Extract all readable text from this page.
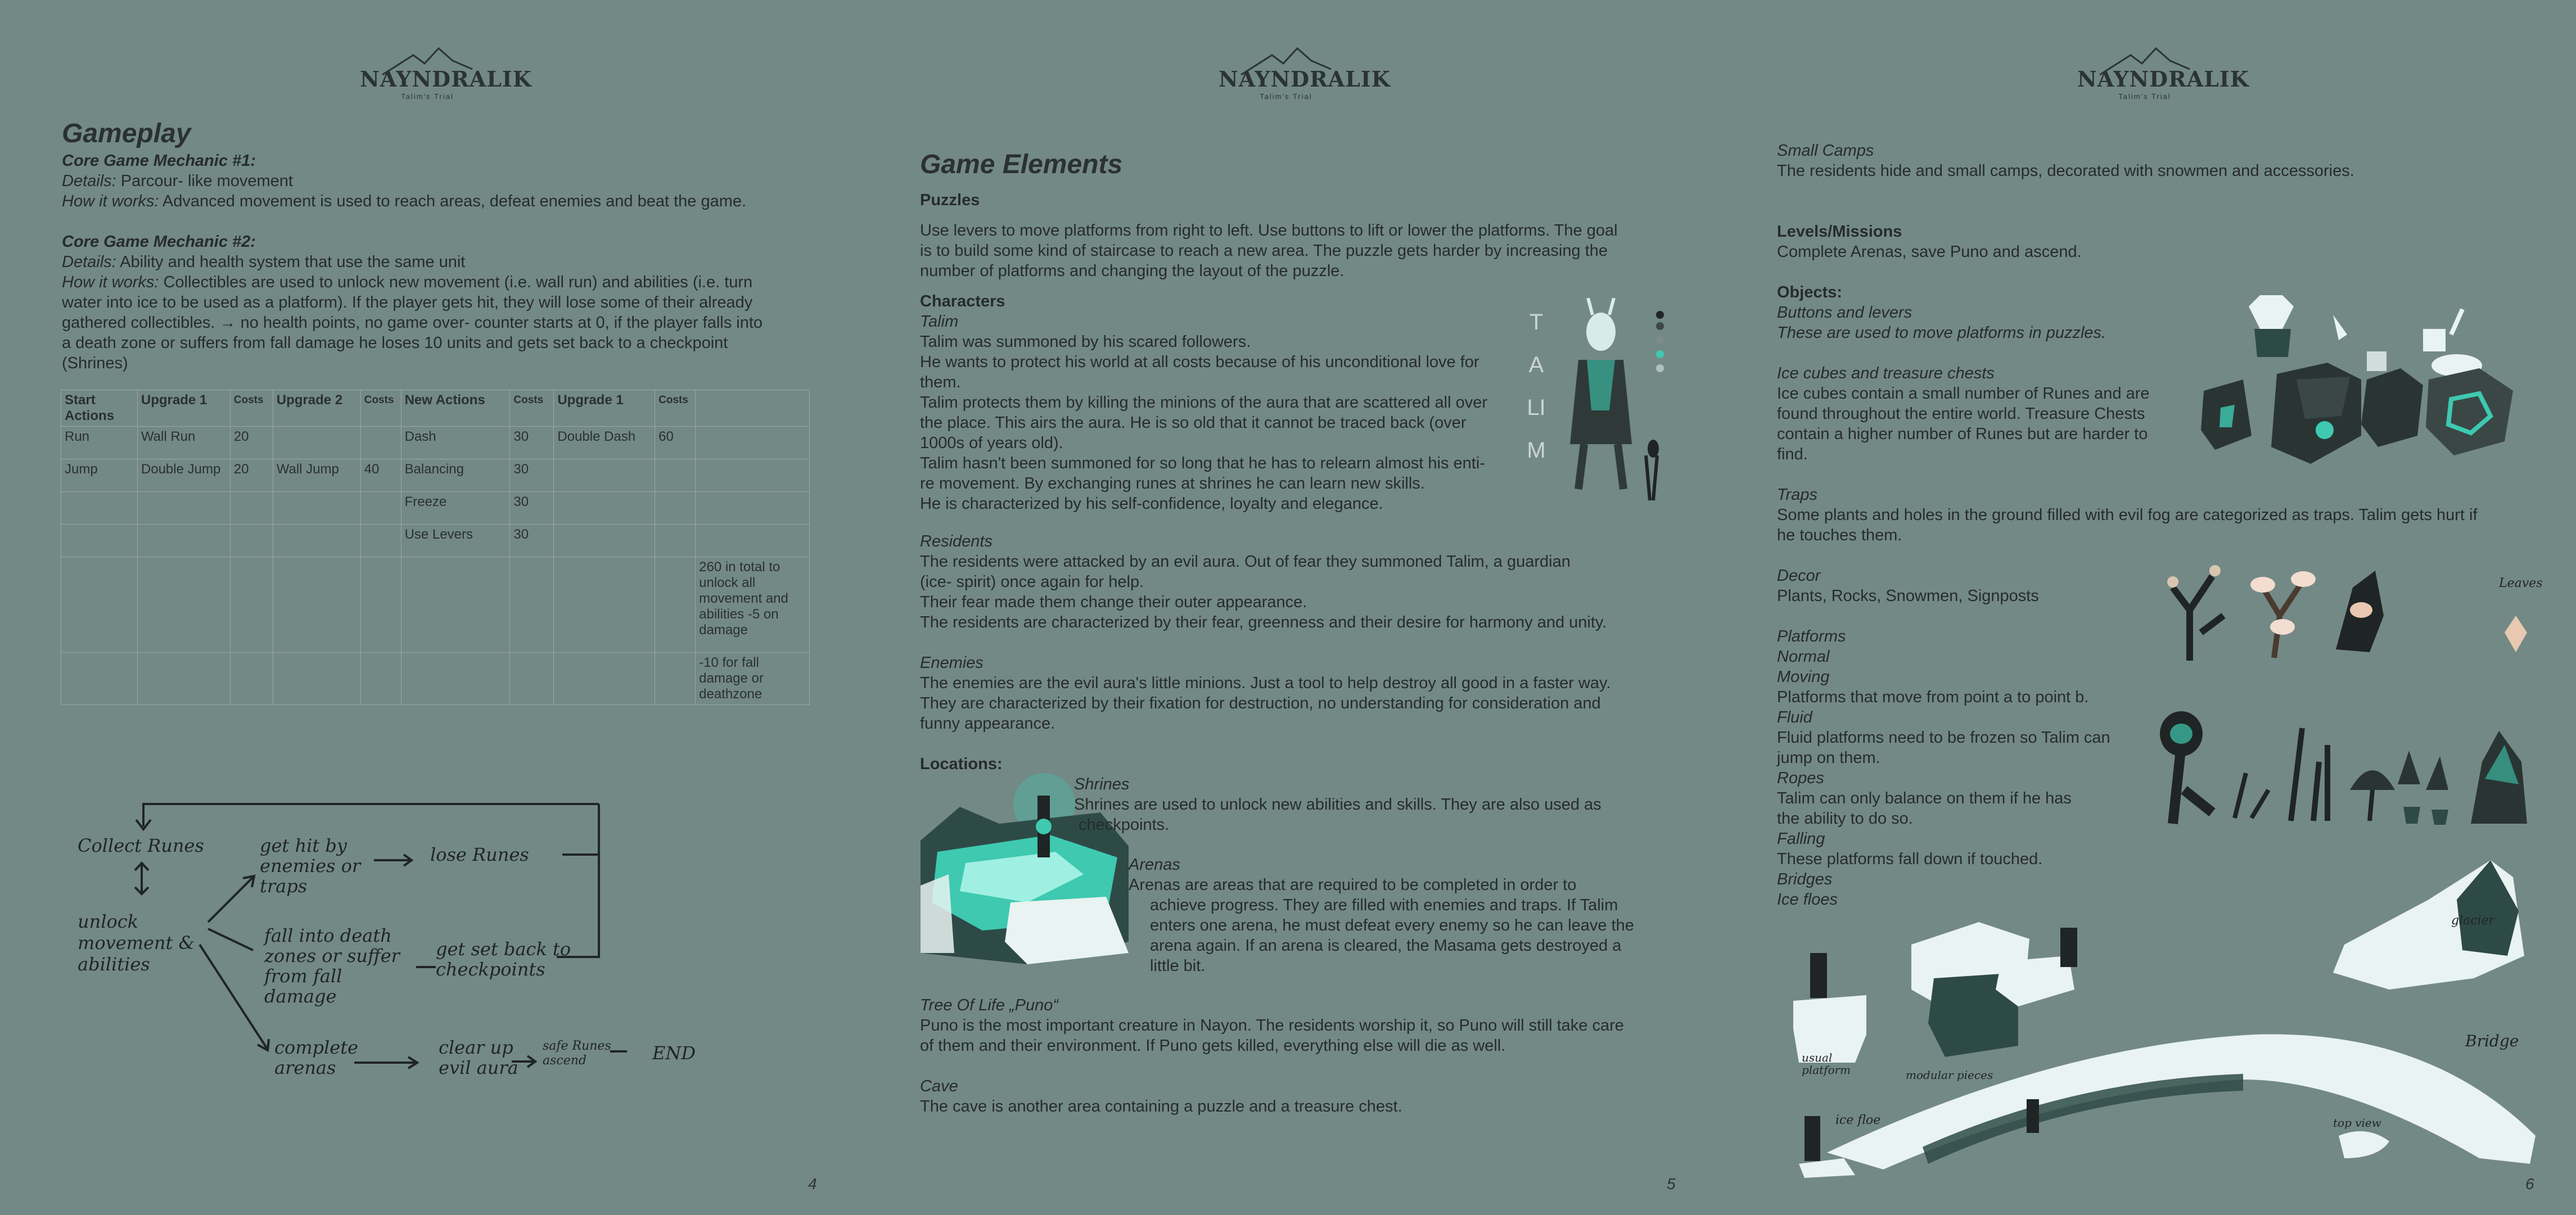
NAYNDRALIK
Talim's Trial
Gameplay
Core Game Mechanic #1:
Details: Parcour- like movement
How it works: Advanced movement is used to reach areas, defeat enemies and beat the game.
Core Game Mechanic #2:
Details: Ability and health system that use the same unit
How it works: Collectibles are used to unlock new movement (i.e. wall run) and abilities (i.e. turn
water into ice to be used as a platform). If the player gets hit, they will lose some of their already
gathered collectibles. → no health points, no game over- counter starts at 0, if the player falls into
a death zone or suffers from fall damage he loses 10 units and gets set back to a checkpoint
(Shrines)
Start Actions	Upgrade 1	Costs	Upgrade 2	Costs	New Actions	Costs	Upgrade 1	Costs	
Run	Wall Run	20			Dash	30	Double Dash	60	
Jump	Double Jump	20	Wall Jump	40	Balancing	30			
					Freeze	30			
					Use Levers	30			
									260 in total to unlock all movement and abilities -5 on damage
									-10 for fall damage or deathzone
Collect Runes
unlock movement & abilities
get hit by enemies or traps
lose Runes
fall into death zones or suffer from fall damage
get set back to checkpoints
complete arenas
clear up evil aura
safe Runes ascend	END
4
NAYNDRALIK
Talim's Trial
Game Elements
Puzzles
Use levers to move platforms from right to left. Use buttons to lift or lower the platforms. The goal
is to build some kind of staircase to reach a new area. The puzzle gets harder by increasing the
number of platforms and changing the layout of the puzzle.
Characters
Talim
Talim was summoned by his scared followers.
He wants to protect his world at all costs because of his unconditional love for
them.
Talim protects them by killing the minions of the aura that are scattered all over
the place. This airs the aura. He is so old that it cannot be traced back (over
1000s of years old).
Talim hasn't been summoned for so long that he has to relearn almost his enti-
re movement. By exchanging runes at shrines he can learn new skills.
He is characterized by his self-confidence, loyalty and elegance.
TALIM
Residents
The residents were attacked by an evil aura. Out of fear they summoned Talim, a guardian
(ice- spirit) once again for help.
Their fear made them change their outer appearance.
The residents are characterized by their fear, greenness and their desire for harmony and unity.
Enemies
The enemies are the evil aura's little minions. Just a tool to help destroy all good in a faster way.
They are characterized by their fixation for destruction, no understanding for consideration and
funny appearance.
Locations:
Shrines
Shrines are used to unlock new abilities and skills. They are also used as
checkpoints.
Arenas
Arenas are areas that are required to be completed in order to
achieve progress. They are filled with enemies and traps. If Talim
enters one arena, he must defeat every enemy so he can leave the
arena again. If an arena is cleared, the Masama gets destroyed a
little bit.
Tree Of Life „Puno“
Puno is the most important creature in Nayon. The residents worship it, so Puno will still take care
of them and their environment. If Puno gets killed, everything else will die as well.
Cave
The cave is another area containing a puzzle and a treasure chest.
5
NAYNDRALIK
Talim's Trial
Small Camps
The residents hide and small camps, decorated with snowmen and accessories.
Levels/Missions
Complete Arenas, save Puno and ascend.
Objects:
Buttons and levers
These are used to move platforms in puzzles.
Ice cubes and treasure chests
Ice cubes contain a small number of Runes and are
found throughout the entire world. Treasure Chests
contain a higher number of Runes but are harder to
find.
Traps
Some plants and holes in the ground filled with evil fog are categorized as traps. Talim gets hurt if
he touches them.
Decor
Plants, Rocks, Snowmen, Signposts
Platforms
Normal
Moving
Platforms that move from point a to point b.
Fluid
Fluid platforms need to be frozen so Talim can
jump on them.
Ropes
Talim can only balance on them if he has
the ability to do so.
Falling
These platforms fall down if touched.
Bridges
Ice floes
Leaves
glacier
Bridge
usual platform	modular pieces
ice floe	top view
6
